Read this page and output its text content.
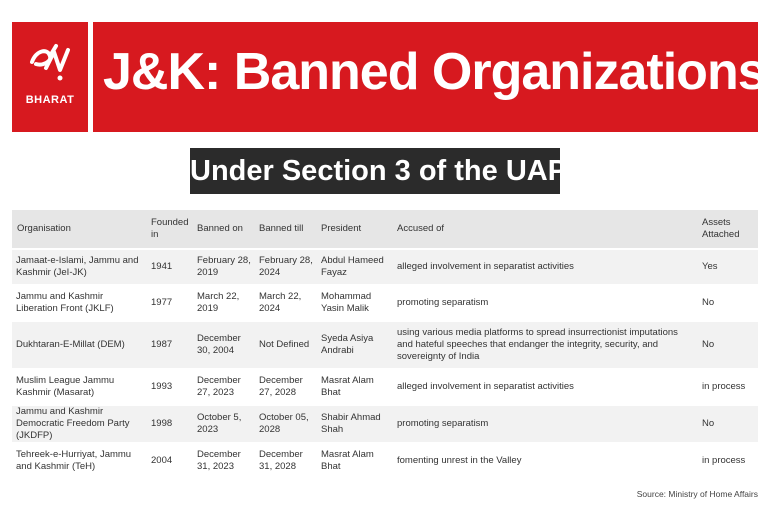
BHARAT J&K: Banned Organizations
Under Section 3 of the UAPA
Organisation	Founded in	Banned on	Banned till	President	Accused of	Assets Attached
Jamaat-e-Islami, Jammu and Kashmir (JeI-JK)	1941	February 28, 2019	February 28, 2024	Abdul Hameed Fayaz	alleged involvement in separatist activities	Yes
Jammu and Kashmir Liberation Front (JKLF)	1977	March 22, 2019	March 22, 2024	Mohammad Yasin Malik	promoting separatism	No
Dukhtaran-E-Millat (DEM)	1987	December 30, 2004	Not Defined	Syeda Asiya Andrabi	using various media platforms to spread insurrectionist imputations and hateful speeches that endanger the integrity, security, and sovereignty of India	No
Muslim League Jammu Kashmir (Masarat)	1993	December 27, 2023	December 27, 2028	Masrat Alam Bhat	alleged involvement in separatist activities	in process
Jammu and Kashmir Democratic Freedom Party (JKDFP)	1998	October 5, 2023	October 05, 2028	Shabir Ahmad Shah	promoting separatism	No
Tehreek-e-Hurriyat, Jammu and Kashmir (TeH)	2004	December 31, 2023	December 31, 2028	Masrat Alam Bhat	fomenting unrest in the Valley	in process
Source: Ministry of Home Affairs
